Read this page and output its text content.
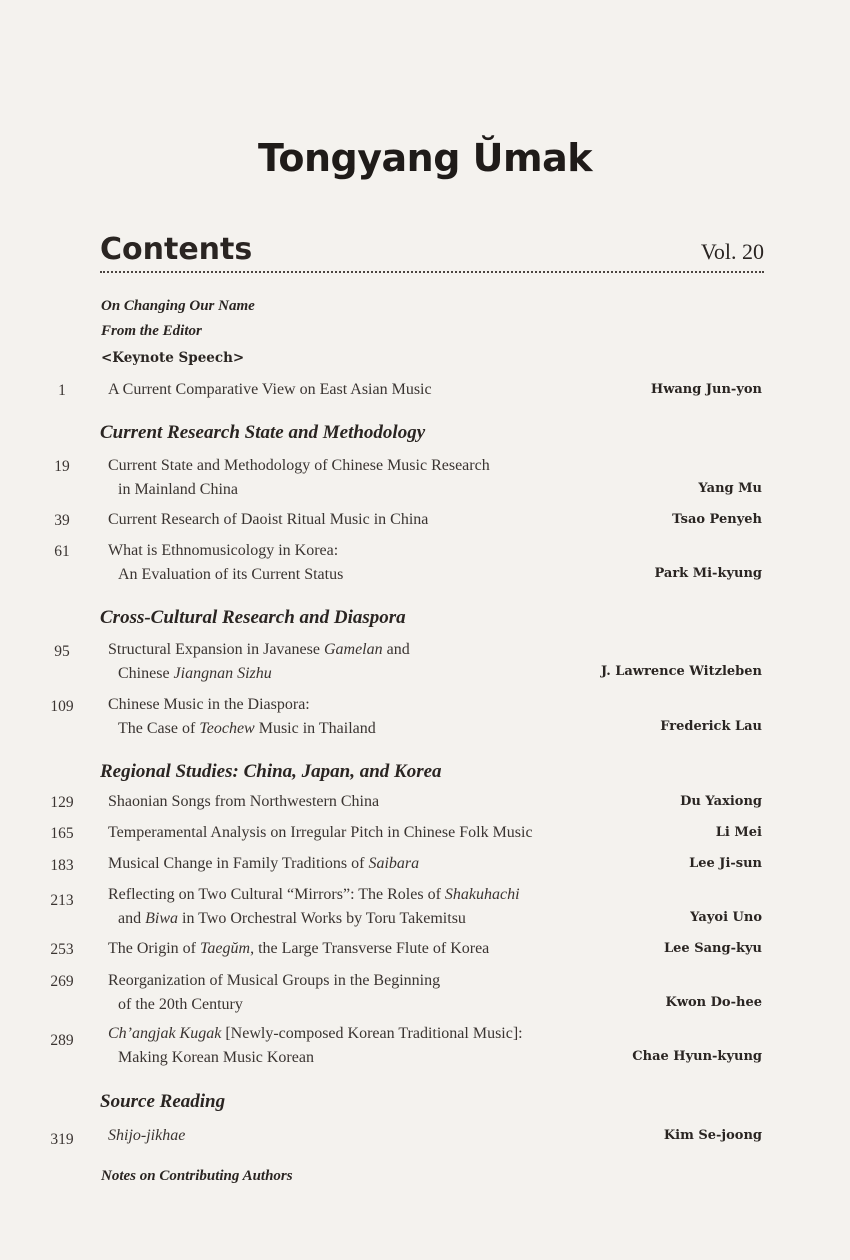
Tongyang Ŭmak
Contents	Vol. 20
On Changing Our Name
From the Editor
<Keynote Speech>
1	A Current Comparative View on East Asian Music	Hwang Jun-yon
Current Research State and Methodology
19	Current State and Methodology of Chinese Music Research
in Mainland China	Yang Mu
39	Current Research of Daoist Ritual Music in China	Tsao Penyeh
61	What is Ethnomusicology in Korea:
An Evaluation of its Current Status	Park Mi-kyung
Cross-Cultural Research and Diaspora
95	Structural Expansion in Javanese Gamelan and
Chinese Jiangnan Sizhu	J. Lawrence Witzleben
109	Chinese Music in the Diaspora:
The Case of Teochew Music in Thailand	Frederick Lau
Regional Studies: China, Japan, and Korea
129	Shaonian Songs from Northwestern China	Du Yaxiong
165	Temperamental Analysis on Irregular Pitch in Chinese Folk Music	Li Mei
183	Musical Change in Family Traditions of Saibara	Lee Ji-sun
213	Reflecting on Two Cultural “Mirrors”: The Roles of Shakuhachi
and Biwa in Two Orchestral Works by Toru Takemitsu	Yayoi Uno
253	The Origin of Taegŭm, the Large Transverse Flute of Korea	Lee Sang-kyu
269	Reorganization of Musical Groups in the Beginning
of the 20th Century	Kwon Do-hee
289	Ch’angjak Kugak [Newly-composed Korean Traditional Music]:
Making Korean Music Korean	Chae Hyun-kyung
Source Reading
319	Shijo-jikhae	Kim Se-joong
Notes on Contributing Authors
